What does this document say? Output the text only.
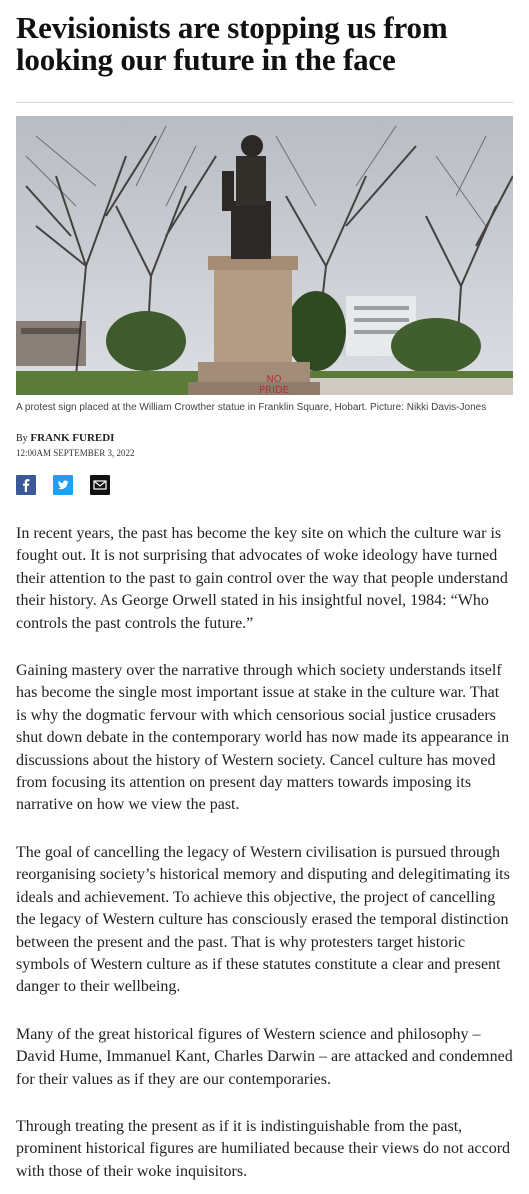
Revisionists are stopping us from looking our future in the face
NO
PRIDE
A protest sign placed at the William Crowther statue in Franklin Square, Hobart. Picture: Nikki Davis-Jones
By FRANK FUREDI
12:00AM SEPTEMBER 3, 2022

In recent years, the past has become the key site on which the culture war is fought out. It is not surprising that advocates of woke ideology have turned their attention to the past to gain control over the way that people understand their history. As George Orwell stated in his insightful novel, 1984: “Who controls the past controls the future.”

Gaining mastery over the narrative through which society understands itself has become the single most important issue at stake in the culture war. That is why the dogmatic fervour with which censorious social justice crusaders shut down debate in the contemporary world has now made its appearance in discussions about the history of Western society. Cancel culture has moved from focusing its attention on present day matters towards imposing its narrative on how we view the past.

The goal of cancelling the legacy of Western civilisation is pursued through reorganising society’s historical memory and disputing and delegitimating its ideals and achievement. To achieve this objective, the project of cancelling the legacy of Western culture has consciously erased the temporal distinction between the present and the past. That is why protesters target historic symbols of Western culture as if these statutes constitute a clear and present danger to their wellbeing.

Many of the great historical figures of Western science and philosophy – David Hume, Immanuel Kant, Charles Darwin – are attacked and condemned for their values as if they are our contemporaries.

Through treating the present as if it is indistinguishable from the past, prominent historical figures are humiliated because their views do not accord with those of their woke inquisitors.
